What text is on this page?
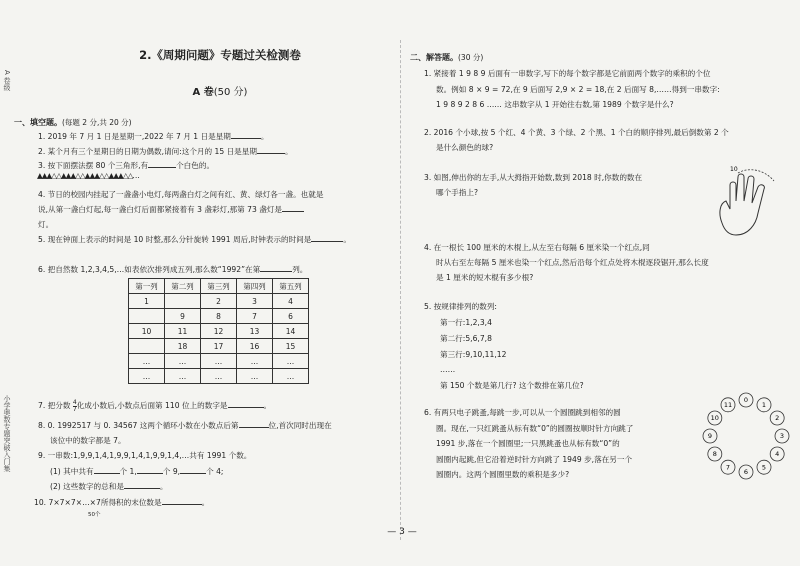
A 卷级
小学奥数专题突破入门集
2.《周期问题》专题过关检测卷
A 卷(50 分)
一、填空题。(每题 2 分,共 20 分)
1. 2019 年 7 月 1 日是星期一,2022 年 7 月 1 日是星期	。
2. 某个月有三个星期日的日期为偶数,请问:这个月的 15 日是星期	。
3. 按下面摆法摆 80 个三角形,有	个白色的。
▲▲▲△△▲▲▲△△▲▲▲△△▲▲▲△△…
4. 节日的校园内挂起了一盏盏小电灯,每两盏白灯之间有红、黄、绿灯各一盏。也就是
说,从第一盏白灯起,每一盏白灯后面都紧接着有 3 盏彩灯,那第 73 盏灯是
灯。
5. 现在钟面上表示的时间是 10 时整,那么分针旋转 1991 周后,时钟表示的时间是	。
6. 把自然数 1,2,3,4,5,…如表依次排列成五列,那么数“1992”在第	列。
第一列	第二列	第三列	第四列	第五列
1		2	3	4
	9	8	7	6
10	11	12	13	14
	18	17	16	15
…	…	…	…	…
…	…	…	…	…
7. 把分数 $\frac{4}{7}$ 化成小数后,小数点后面第 110 位上的数字是	。
8. 0. 1992517 与 0. 34567 这两个循环小数在小数点后第	位,首次同时出现在
该位中的数字都是 7。
9. 一串数:1,9,9,1,4,1,9,9,1,4,1,9,9,1,4,…共有 1991 个数。
(1) 其中共有	个 1,	个 9,	个 4;
(2) 这些数字的总和是	。
10. 7×7×7×…×7所得积的末位数是	。
50个
二、解答题。(30 分)
1. 紧接着 1 9 8 9 后面有一串数字,写下的每个数字都是它前面两个数字的乘积的个位
数。例如 8 × 9 = 72,在 9 后面写 2,9 × 2 = 18,在 2 后面写 8,……得到一串数字:
1 9 8 9 2 8 6 …… 这串数字从 1 开始往右数,第 1989 个数字是什么?
2. 2016 个小球,按 5 个红、4 个黄、3 个绿、2 个黑、1 个白的顺序排列,最后倒数第 2 个
是什么颜色的球?
3. 如图,伸出你的左手,从大拇指开始数,数到 2018 时,你数的数在
哪个手指上?
10
4. 在一根长 100 厘米的木棍上,从左至右每隔 6 厘米染一个红点,同
时从右至左每隔 5 厘米也染一个红点,然后沿每个红点处将木棍逐段锯开,那么长度
是 1 厘米的短木棍有多少根?
5. 按规律排列的数列:
第一行:1,2,3,4
第二行:5,6,7,8
第三行:9,10,11,12
……
第 150 个数是第几行? 这个数排在第几位?
6. 有两只电子跳蚤,每跳一步,可以从一个圆圈跳到相邻的圆
圈。现在,一只红跳蚤从标有数“0”的圆圈按顺时针方向跳了
1991 步,落在一个圆圈里;一只黑跳蚤也从标有数“0”的
圆圈内起跳,但它沿着逆时针方向跳了 1949 步,落在另一个
圆圈内。这两个圆圈里数的乘积是多少?
0
1
2
3
4
5
6
7
8
9
10
11
— 3 —
